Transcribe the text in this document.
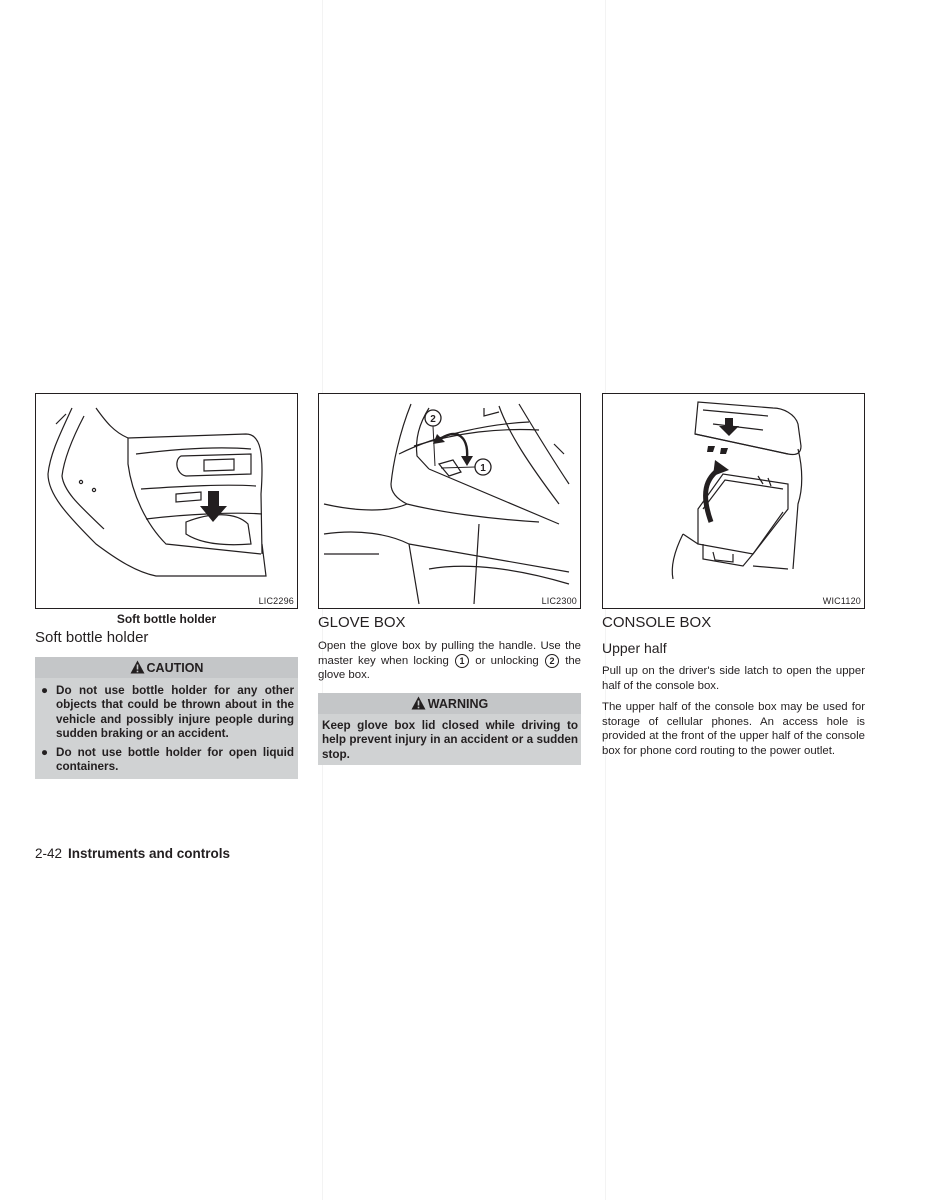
LIC2296
Soft bottle holder
Soft bottle holder
CAUTION
● Do not use bottle holder for any other objects that could be thrown about in the vehicle and possibly injure people during sudden braking or an accident.
● Do not use bottle holder for open liquid containers.
2
1
LIC2300
GLOVE BOX

Open the glove box by pulling the handle. Use the master key when locking 1 or unlocking 2 the glove box.

WARNING

Keep glove box lid closed while driving to help prevent injury in an accident or a sudden stop.

WIC1120
CONSOLE BOX
Upper half

Pull up on the driver's side latch to open the upper half of the console box.

The upper half of the console box may be used for storage of cellular phones. An access hole is provided at the front of the upper half of the console box for phone cord routing to the power outlet.

2-42 Instruments and controls
